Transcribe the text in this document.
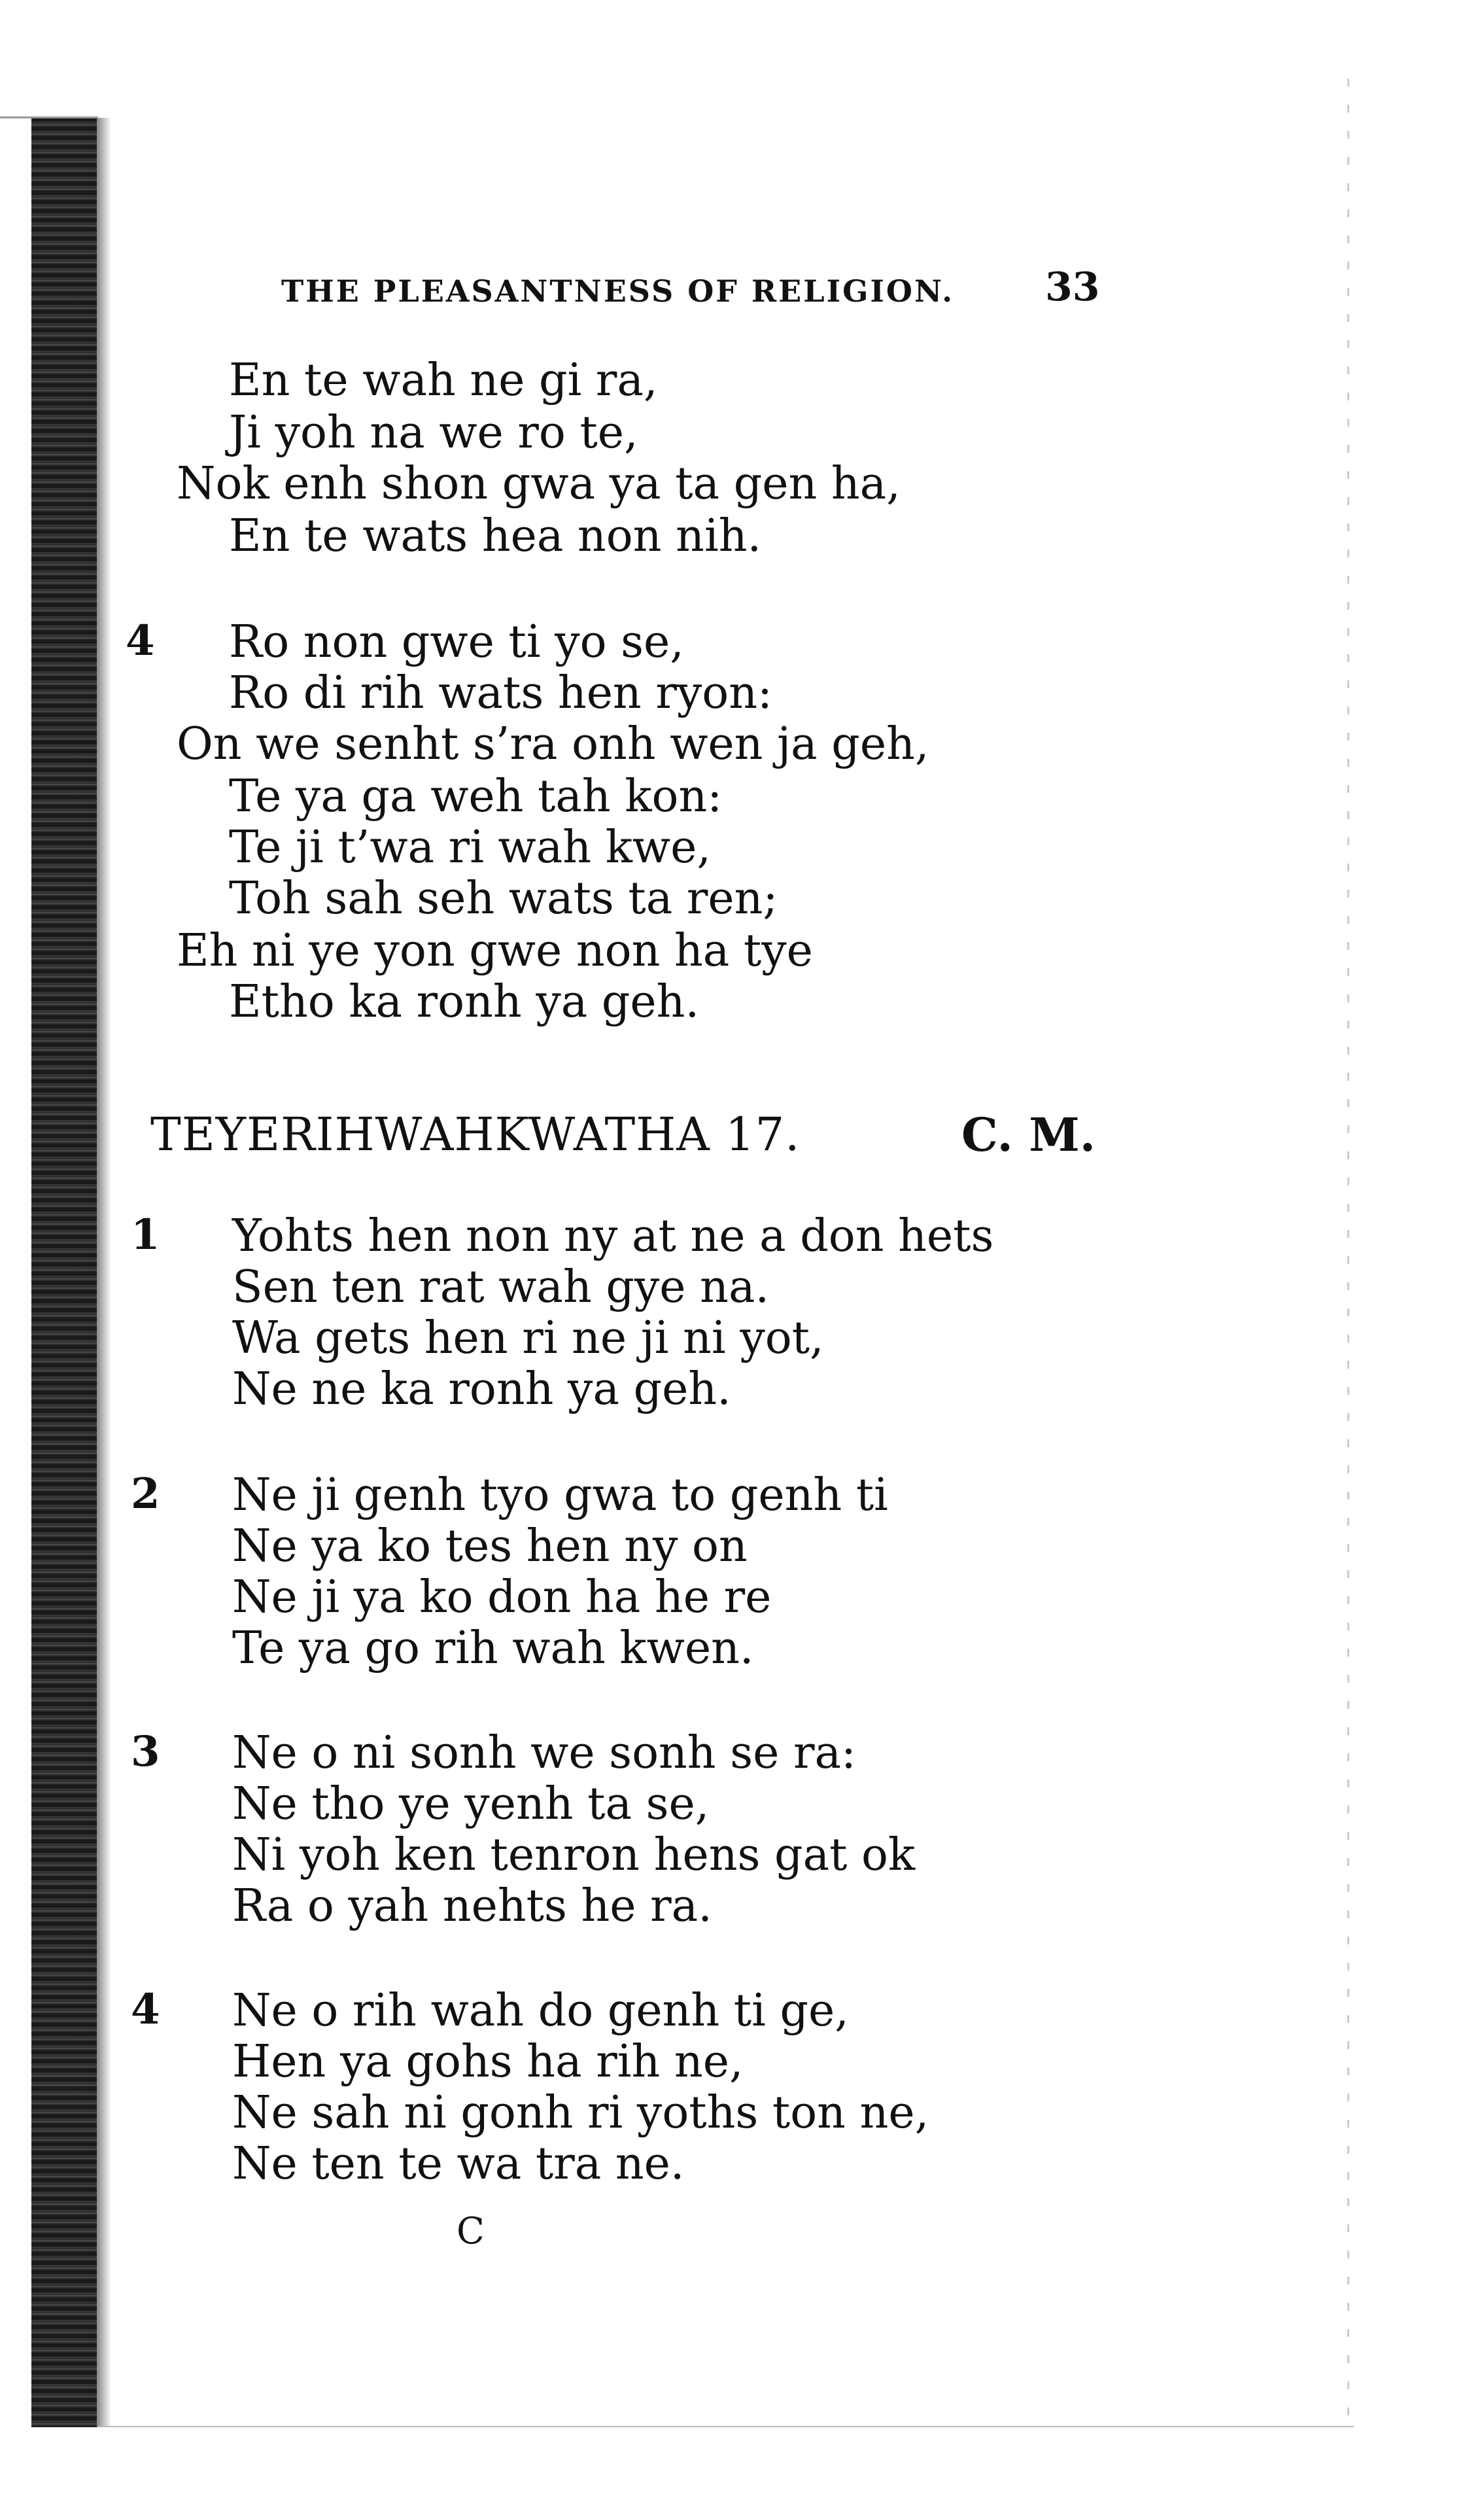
THE PLEASANTNESS OF RELIGION. 33
En te wah ne gi ra,
Ji yoh na we ro te,
Nok enh shon gwa ya ta gen ha,
En te wats hea non nih.
4 Ro non gwe ti yo se,
Ro di rih wats hen ryon:
On we senht s’ra onh wen ja geh,
Te ya ga weh tah kon:
Te ji t’wa ri wah kwe,
Toh sah seh wats ta ren;
Eh ni ye yon gwe non ha tye
Etho ka ronh ya geh.
TEYERIHWAHKWATHA 17.	C. M.
1 Yohts hen non ny at ne a don hets
Sen ten rat wah gye na.
Wa gets hen ri ne ji ni yot,
Ne ne ka ronh ya geh.
2 Ne ji genh tyo gwa to genh ti
Ne ya ko tes hen ny on
Ne ji ya ko don ha he re
Te ya go rih wah kwen.
3 Ne o ni sonh we sonh se ra:
Ne tho ye yenh ta se,
Ni yoh ken tenron hens gat ok
Ra o yah nehts he ra.
4 Ne o rih wah do genh ti ge,
Hen ya gohs ha rih ne,
Ne sah ni gonh ri yoths ton ne,
Ne ten te wa tra ne.
C
